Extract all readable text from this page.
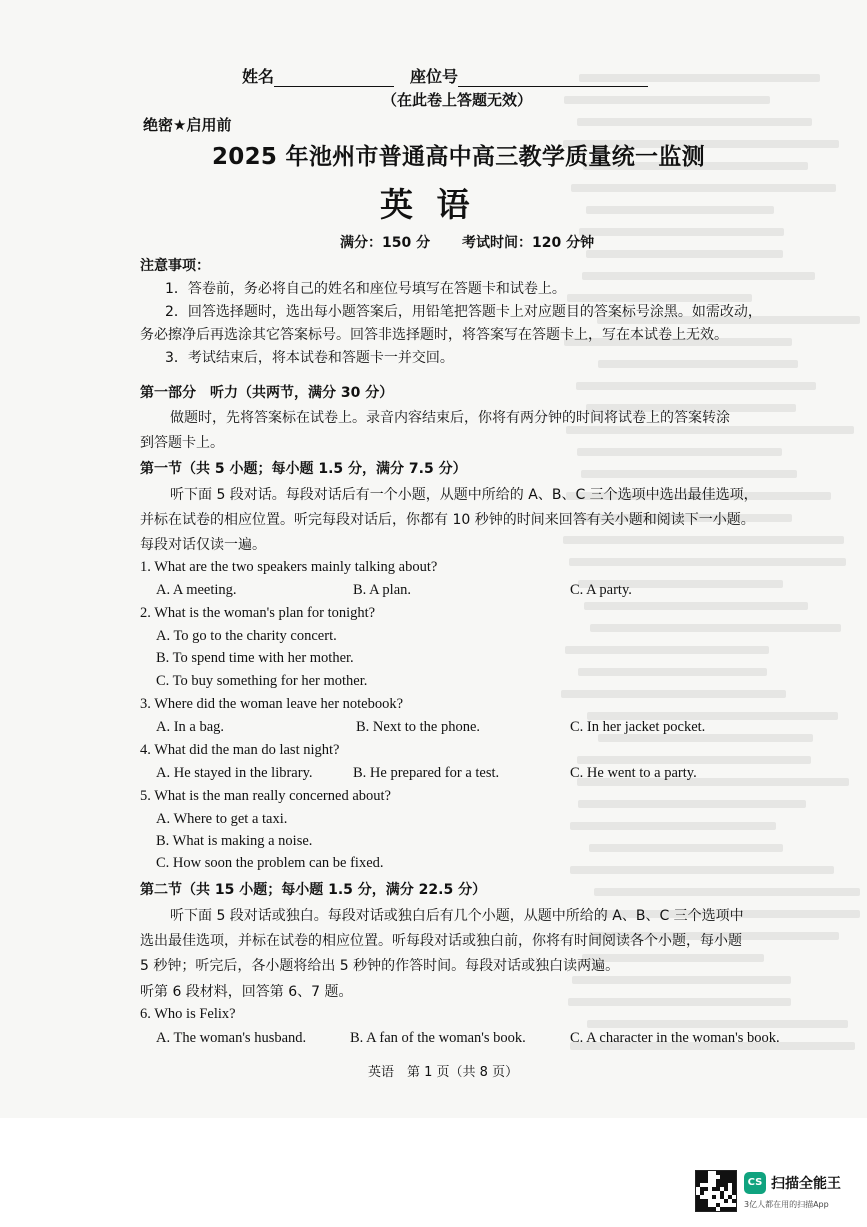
姓名	座位号
（在此卷上答题无效）
绝密★启用前
2025 年池州市普通高中高三教学质量统一监测
英 语
满分：150 分 考试时间：120 分钟
注意事项：
1．答卷前，务必将自己的姓名和座位号填写在答题卡和试卷上。
2．回答选择题时，选出每小题答案后，用铅笔把答题卡上对应题目的答案标号涂黑。如需改动，
务必擦净后再选涂其它答案标号。回答非选择题时，将答案写在答题卡上，写在本试卷上无效。
3．考试结束后，将本试卷和答题卡一并交回。
第一部分　听力（共两节，满分 30 分）
做题时，先将答案标在试卷上。录音内容结束后，你将有两分钟的时间将试卷上的答案转涂
到答题卡上。
第一节（共 5 小题；每小题 1.5 分，满分 7.5 分）
听下面 5 段对话。每段对话后有一个小题，从题中所给的 A、B、C 三个选项中选出最佳选项，
并标在试卷的相应位置。听完每段对话后，你都有 10 秒钟的时间来回答有关小题和阅读下一小题。
每段对话仅读一遍。
1. What are the two speakers mainly talking about?
A. A meeting.	B. A plan.	C. A party.
2. What is the woman's plan for tonight?
A. To go to the charity concert.
B. To spend time with her mother.
C. To buy something for her mother.
3. Where did the woman leave her notebook?
A. In a bag.	B. Next to the phone.	C. In her jacket pocket.
4. What did the man do last night?
A. He stayed in the library.	B. He prepared for a test.	C. He went to a party.
5. What is the man really concerned about?
A. Where to get a taxi.
B. What is making a noise.
C. How soon the problem can be fixed.
第二节（共 15 小题；每小题 1.5 分，满分 22.5 分）
听下面 5 段对话或独白。每段对话或独白后有几个小题，从题中所给的 A、B、C 三个选项中
选出最佳选项，并标在试卷的相应位置。听每段对话或独白前，你将有时间阅读各个小题，每小题
5 秒钟；听完后，各小题将给出 5 秒钟的作答时间。每段对话或独白读两遍。
听第 6 段材料，回答第 6、7 题。
6. Who is Felix?
A. The woman's husband.	B. A fan of the woman's book.	C. A character in the woman's book.
英语　第 1 页（共 8 页）
CS 扫描全能王
3亿人都在用的扫描App
